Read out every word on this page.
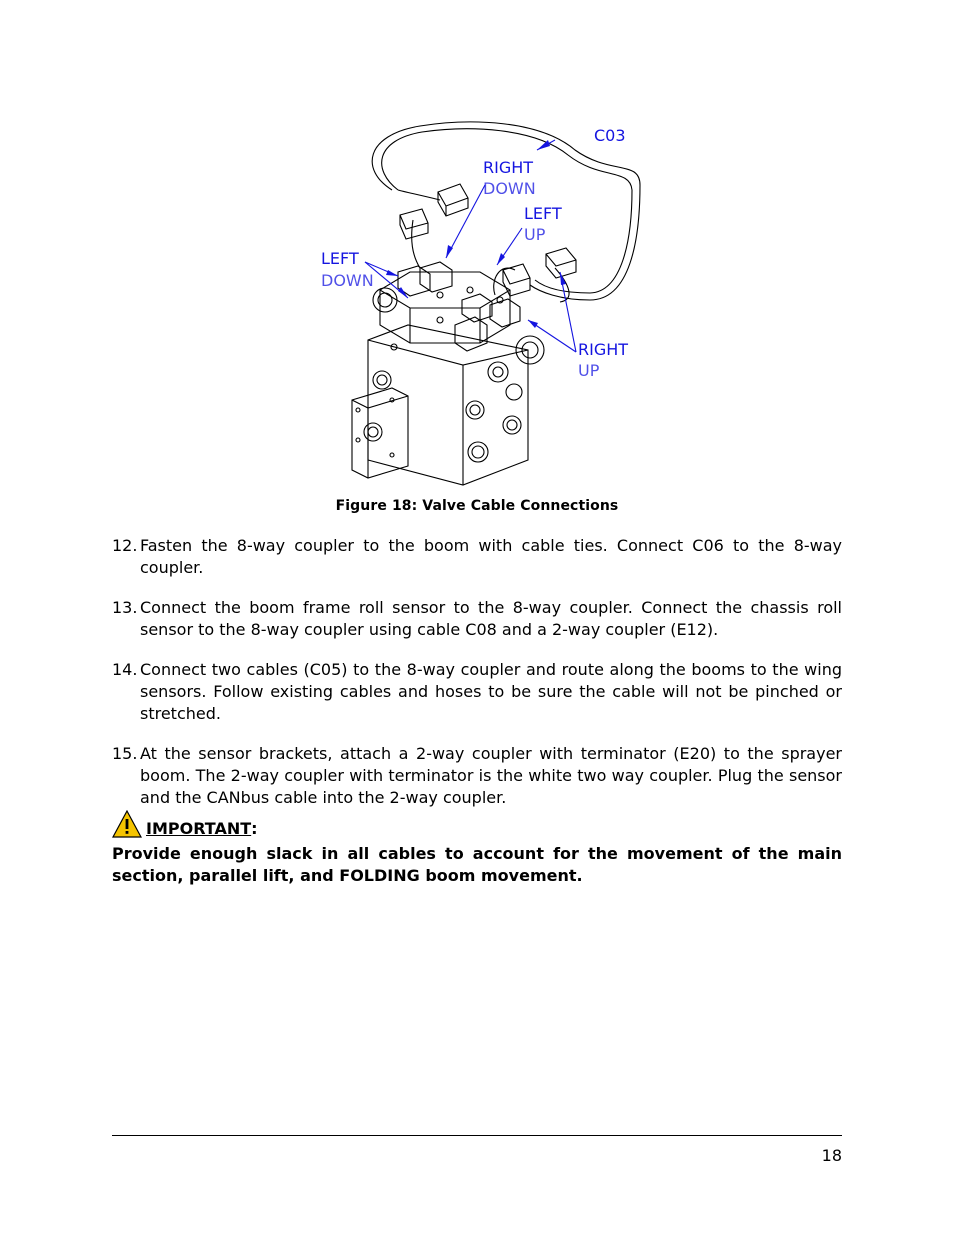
C03
RIGHT
DOWN
LEFT
UP
LEFT
DOWN
RIGHT
UP
Figure 18: Valve Cable Connections
12. Fasten the 8-way coupler to the boom with cable ties. Connect C06 to the 8-way coupler.
13. Connect the boom frame roll sensor to the 8-way coupler. Connect the chassis roll sensor to the 8-way coupler using cable C08 and a 2-way coupler (E12).
14. Connect two cables (C05) to the 8-way coupler and route along the booms to the wing sensors. Follow existing cables and hoses to be sure the cable will not be pinched or stretched.
15. At the sensor brackets, attach a 2-way coupler with terminator (E20) to the sprayer boom. The 2-way coupler with terminator is the white two way coupler. Plug the sensor and the CANbus cable into the 2-way coupler.
IMPORTANT :
Provide enough slack in all cables to account for the movement of the main section, parallel lift, and FOLDING boom movement.
18
